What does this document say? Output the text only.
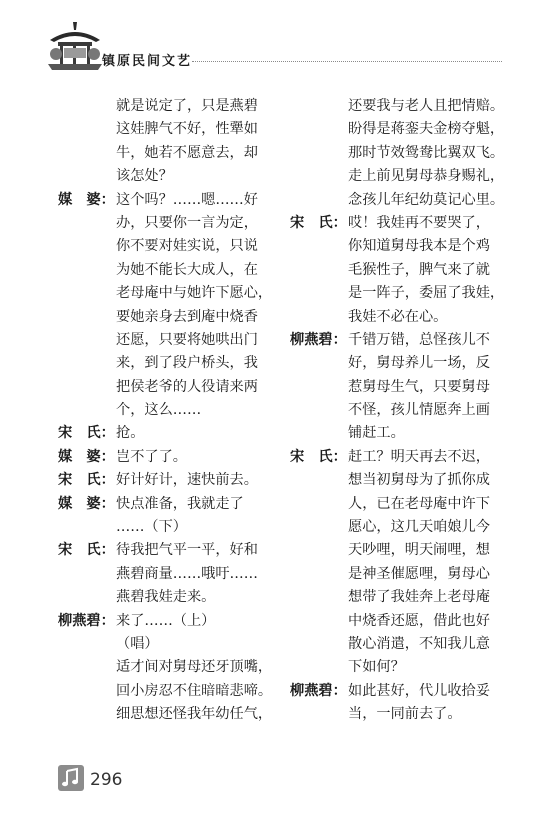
镇原民间文艺
就是说定了，只是燕碧
这娃脾气不好，性犟如
牛，她若不愿意去，却
该怎处？
媒　婆： 这个吗？……嗯……好
办，只要你一言为定，
你不要对娃实说，只说
为她不能长大成人，在
老母庵中与她许下愿心，
要她亲身去到庵中烧香
还愿，只要将她哄出门
来，到了段户桥头，我
把侯老爷的人役请来两
个，这么……
宋　氏： 抢。
媒　婆： 岂不了了。
宋　氏： 好计好计，速快前去。
媒　婆： 快点准备，我就走了
……（下）
宋　氏： 待我把气平一平，好和
燕碧商量……哦吁……
燕碧我娃走来。
柳燕碧： 来了……（上）
（唱）
适才间对舅母还牙顶嘴，
回小房忍不住暗暗悲啼。
细思想还怪我年幼任气，
还要我与老人且把情赔。
盼得是蒋銮夫金榜夺魁，
那时节效鸳鸯比翼双飞。
走上前见舅母恭身赐礼，
念孩儿年纪幼莫记心里。
宋　氏： 哎！我娃再不要哭了，
你知道舅母我本是个鸡
毛猴性子，脾气来了就
是一阵子，委屈了我娃，
我娃不必在心。
柳燕碧： 千错万错，总怪孩儿不
好，舅母养儿一场，反
惹舅母生气，只要舅母
不怪，孩儿情愿奔上画
铺赶工。
宋　氏： 赶工？明天再去不迟，
想当初舅母为了抓你成
人，已在老母庵中许下
愿心，这几天咱娘儿今
天吵哩，明天闹哩，想
是神圣催愿哩，舅母心
想带了我娃奔上老母庵
中烧香还愿，借此也好
散心消遣，不知我儿意
下如何？
柳燕碧： 如此甚好，代儿收拾妥
当，一同前去了。
296
